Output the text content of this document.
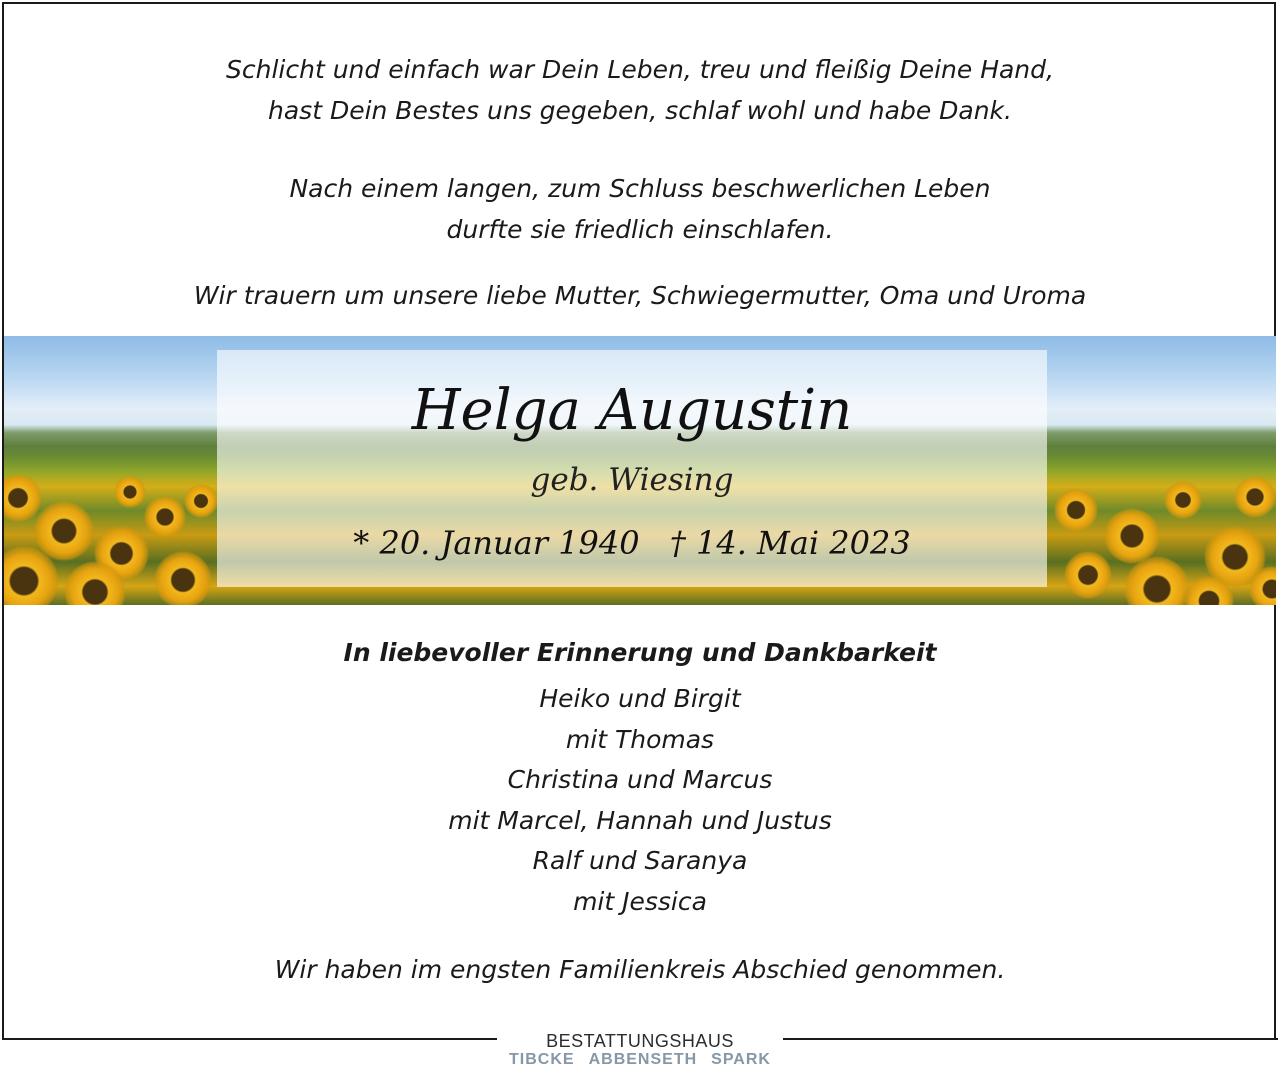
Schlicht und einfach war Dein Leben, treu und fleißig Deine Hand,

hast Dein Bestes uns gegeben, schlaf wohl und habe Dank.

Nach einem langen, zum Schluss beschwerlichen Leben

durfte sie friedlich einschlafen.

Wir trauern um unsere liebe Mutter, Schwiegermutter, Oma und Uroma

Helga Augustin
geb. Wiesing
* 20. Januar 1940 † 14. Mai 2023
In liebevoller Erinnerung und Dankbarkeit
Heiko und Birgit
mit Thomas
Christina und Marcus
mit Marcel, Hannah und Justus
Ralf und Saranya
mit Jessica
Wir haben im engsten Familienkreis Abschied genommen.
BESTATTUNGSHAUS
TIBCKE ABBENSETH SPARK
